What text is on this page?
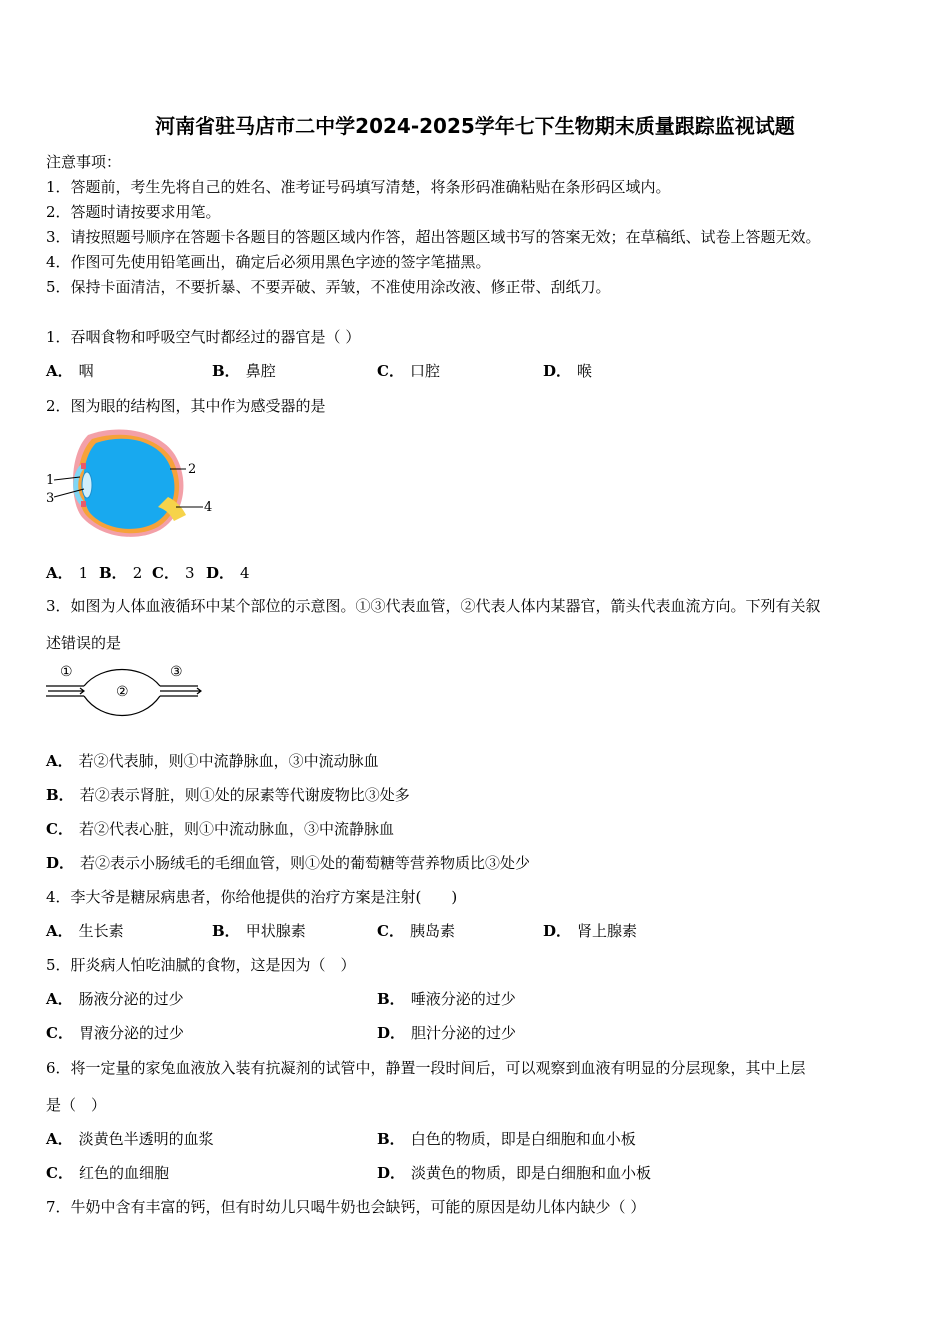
河南省驻马店市二中学2024-2025学年七下生物期末质量跟踪监视试题
注意事项：
1．答题前，考生先将自己的姓名、准考证号码填写清楚，将条形码准确粘贴在条形码区域内。
2．答题时请按要求用笔。
3．请按照题号顺序在答题卡各题目的答题区域内作答，超出答题区域书写的答案无效；在草稿纸、试卷上答题无效。
4．作图可先使用铅笔画出，确定后必须用黑色字迹的签字笔描黑。
5．保持卡面清洁，不要折暴、不要弄破、弄皱，不准使用涂改液、修正带、刮纸刀。
1．吞咽食物和呼吸空气时都经过的器官是（ ）
A． 咽	B． 鼻腔	C． 口腔	D． 喉
2．图为眼的结构图，其中作为感受器的是
1
3
2
4
A． 1 B． 2 C． 3 D． 4
3．如图为人体血液循环中某个部位的示意图。①③代表血管，②代表人体内某器官，箭头代表血流方向。下列有关叙
述错误的是
①
②
③
A． 若②代表肺，则①中流静脉血，③中流动脉血
B． 若②表示肾脏，则①处的尿素等代谢废物比③处多
C． 若②代表心脏，则①中流动脉血，③中流静脉血
D． 若②表示小肠绒毛的毛细血管，则①处的葡萄糖等营养物质比③处少
4．李大爷是糖尿病患者，你给他提供的治疗方案是注射(　　)
A． 生长素	B． 甲状腺素	C． 胰岛素	D． 肾上腺素
5．肝炎病人怕吃油腻的食物，这是因为（　）
A． 肠液分泌的过少	B． 唾液分泌的过少
C． 胃液分泌的过少	D． 胆汁分泌的过少
6．将一定量的家兔血液放入装有抗凝剂的试管中，静置一段时间后，可以观察到血液有明显的分层现象，其中上层
是（　）
A． 淡黄色半透明的血浆	B． 白色的物质，即是白细胞和血小板
C． 红色的血细胞	D． 淡黄色的物质，即是白细胞和血小板
7．牛奶中含有丰富的钙，但有时幼儿只喝牛奶也会缺钙，可能的原因是幼儿体内缺少（ ）
